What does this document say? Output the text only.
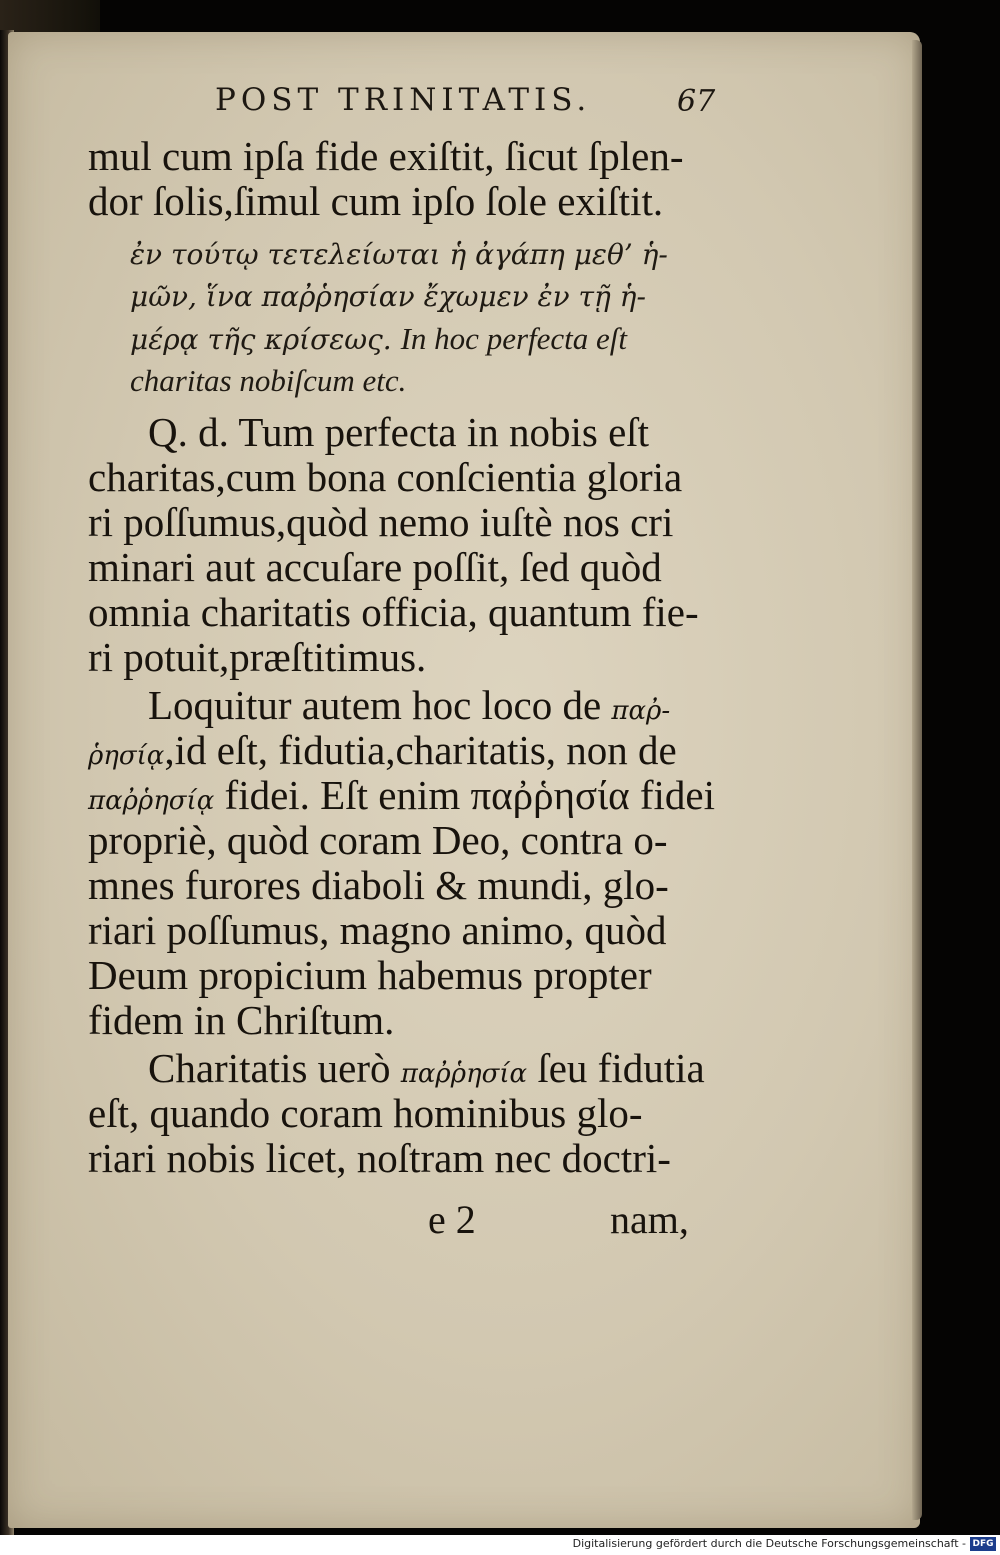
POST TRINITATIS.	67
mul cum ipſa fide exiſtit, ſicut ſplen-
dor ſolis,ſimul cum ipſo ſole exiſtit.
ἐν τούτῳ τετελείωται ἡ ἀγάπη μεθ’ ἡ-
μῶν, ἵνα παῤῥησίαν ἔχωμεν ἐν τῇ ἡ-
μέρᾳ τῆς κρίσεως. In hoc perfecta eſt
charitas nobiſcum etc.
Q. d. Tum perfecta in nobis eſt
charitas,cum bona conſcientia gloria
ri poſſumus,quòd nemo iuſtè nos cri
minari aut accuſare poſſit, ſed quòd
omnia charitatis officia, quantum fie-
ri potuit,præſtitimus.
Loquitur autem hoc loco de παῤ-
ῥησίᾳ,id eſt, fidutia,charitatis, non de
παῤῥησίᾳ fidei. Eſt enim παῤῥησία fidei
propriè, quòd coram Deo, contra o-
mnes furores diaboli & mundi, glo-
riari poſſumus, magno animo, quòd
Deum propicium habemus propter
fidem in Chriſtum.
Charitatis uerò παῤῥησία ſeu fidutia
eſt, quando coram hominibus glo-
riari nobis licet, noſtram nec doctri-
e 2	nam,
Digitalisierung gefördert durch die Deutsche Forschungsgemeinschaft - DFG
